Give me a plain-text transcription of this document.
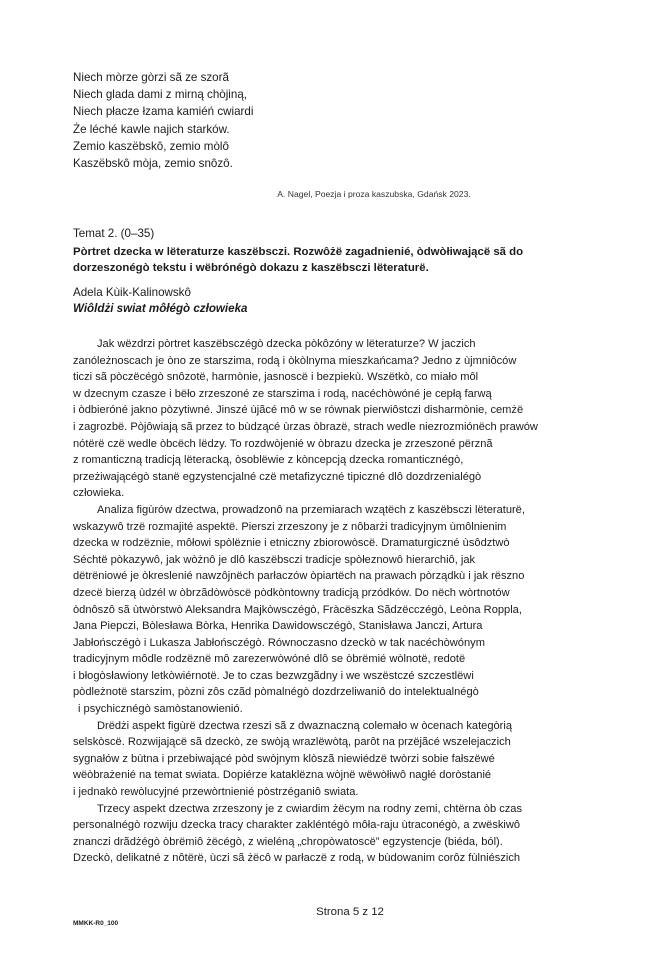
Niech mòrze gòrzi sã ze szorã
Niech glada dami z mirną chòjiną,
Niech płacze łzama kamiéń cwiardi
Że léché kawle najich starków.
Zemio kaszëbskô, zemio mòlô
Kaszëbskô mòja, zemio snôzô.
A. Nagel, Poezja i proza kaszubska, Gdańsk 2023.
Temat 2. (0–35)
Pòrtret dzecka w lëteraturze kaszëbsczi. Rozwôżë zagadnienié, òdwòłiwającë sã do
dorzeszonégò tekstu i wëbrónégò dokazu z kaszëbsczi lëteraturë.
Adela Kùik-Kalinowskô
Wiôldżi swiat môłégò człowieka
Jak wëzdrzi pòrtret kaszëbsczégò dzecka pòkôzóny w lëteraturze? W jaczich
zanóleżnoscach je òno ze starszima, rodą i òkòlnyma mieszkańcama? Jedno z ùjmniôców
ticzi sã pòczëcégò snôzotë, harmònie, jasnoscë i bezpiekù. Wszëtkò, co miało môl
w dzecnym czasze i bëło zrzeszoné ze starszima i rodą, nacéchòwóné je cepłą farwą
i òdbieróné jakno pòzytiwné. Jinszé ùjãcé mô w se równak pierwiôstczi disharmònie, cemżë
i zagrozbë. Pòjôwiają sã przez to bùdzącé ùrzas òbrazë, strach wedle niezrozmiónëch prawów
nótërë czë wedle òbcëch lëdzy. To rozdwòjenié w òbrazu dzecka je zrzeszoné përznã
z romanticzną tradicją lëteracką, òsoblëwie z kòncepcją dzecka romanticznégò,
przeżiwającégò stanë egzystencjalné czë metafizyczné tipiczné dlô dozdrzenialégò
człowieka.
Analiza figùrów dzectwa, prowadzonô na przemiarach wzątëch z kaszëbsczi lëteraturë,
wskazywô trzë rozmajité aspektë. Pierszi zrzeszony je z nôbarżi tradicyjnym ùmôlnienim
dzecka w rodzëznie, môłowi spòlëznie i etniczny zbiorowòscë. Dramaturgiczné ùsôdztwò
Séchtë pòkazywô, jak wòżnô je dlô kaszëbsczi tradicje spòłeznowô hierarchiô, jak
dëtrëniowé je òkreslenié nawzôjnëch parłaczów òpiartëch na prawach pòrządkù i jak rëszno
dzecë bierzą ùdzél w òbrzãdòwòscë pòdkòntowny tradicją przódków. Do nëch wòrtnotów
òdnôszô sã ùtwòrstwò Aleksandra Majkòwsczégò, Fràcëszka Sãdzëcczégò, Leòna Roppla,
Jana Piepczi, Bòlesława Bòrka, Henrika Dawidowsczégò, Stanisława Janczi, Artura
Jabłońsczégò i Lukasza Jabłońsczégò. Równoczasno dzeckò w tak nacéchòwónym
tradicyjnym môdle rodzëznë mô zarezerwòwóné dlô se òbrëmié wòlnotë, redotë
i błogòsławiony letkòwiérnotë. Je to czas bezwzgãdny i we wszëstczé szczestlëwi
pòdleżnotë starszim, pòzni zôs czãd pòmalnégò dozdrzeliwaniô do intelektualnégò
i psychicznégò samòstanowienió.
Drëdżi aspekt figùrë dzectwa rzeszi sã z dwaznaczną colemało w òcenach kategòrią
selskòscë. Rozwijającë sã dzeckò, ze swòją wrazlëwòtą, parôt na przëjãcé wszelejaczich
sygnałów z bùtna i przebiwającé pòd swòjnym klòszã niewiédzë twòrzi sobie fałszëwé
wëòbrażenié na temat swiata. Dopiérze kataklëzna wòjnë wëwòłiwô nagłé doròstanié
i jednakò rewòlucyjné przewòrtnienié pòstrzéganiô swiata.
Trzecy aspekt dzectwa zrzeszony je z cwiardim żëcym na rodny zemi, chtërna òb czas
personalnégò rozwiju dzecka tracy charakter zakléntégò môła-raju ùtraconégò, a zwëskiwô
znanczi drãdżégò òbrëmiô żëcégò, z wieléną „chropòwatoscë” egzystencje (biéda, ból).
Dzeckò, delikatné z nôtërë, ùczi sã żëcô w parłaczë z rodą, w bùdowanim corôz fùlniészich
Strona 5 z 12
MMKK-R0_100
